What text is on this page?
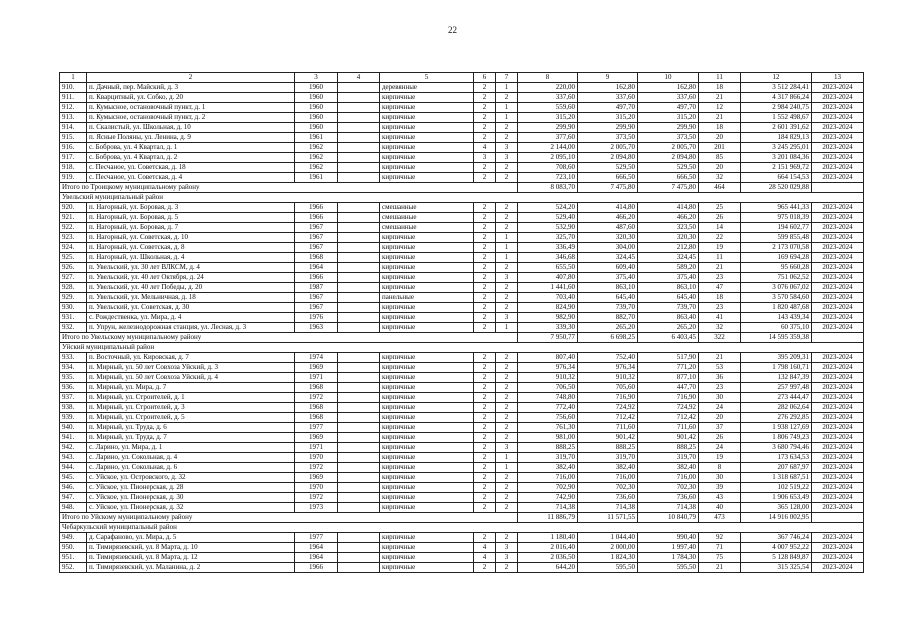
22
1	2	3	4	5	6	7	8	9	10	11	12	13
910.	п. Дачный, пер. Майский, д. 3	1960		деревянные	2	1	220,00	162,80	162,80	18	3 512 284,41	2023-2024
911.	п. Кварцитный, ул. Собко, д. 20	1960		кирпичные	2	2	337,60	337,60	337,60	21	4 317 866,24	2023-2024
912.	п. Кумысное, остановочный пункт, д. 1	1960		кирпичные	2	1	559,60	497,70	497,70	12	2 984 240,75	2023-2024
913.	п. Кумысное, остановочный пункт, д. 2	1960		кирпичные	2	1	315,20	315,20	315,20	21	1 552 498,67	2023-2024
914.	п. Скалистый, ул. Школьная, д. 10	1960		кирпичные	2	2	299,90	299,90	299,90	18	2 601 391,62	2023-2024
915.	п. Ясные Поляны, ул. Ленина, д. 9	1961		кирпичные	2	2	377,60	373,50	373,50	20	184 829,13	2023-2024
916.	с. Боброва, ул. 4 Квартал, д. 1	1962		кирпичные	4	3	2 144,00	2 005,70	2 005,70	201	3 245 295,01	2023-2024
917.	с. Боброва, ул. 4 Квартал, д. 2	1962		кирпичные	3	3	2 095,10	2 094,80	2 094,80	85	3 201 084,36	2023-2024
918.	с. Песчаное, ул. Советская, д. 18	1962		кирпичные	2	2	708,60	529,50	529,50	20	2 151 969,72	2023-2024
919.	с. Песчаное, ул. Советская, д. 4	1961		кирпичные	2	2	723,10	666,50	666,50	32	664 154,53	2023-2024
Итого по Троицкому муниципальному району							8 083,70	7 475,80	7 475,80	464	28 520 029,88	
Увельский муниципальный район												
920.	п. Нагорный, ул. Боровая, д. 3	1966		смешанные	2	2	524,20	414,80	414,80	25	965 441,33	2023-2024
921.	п. Нагорный, ул. Боровая, д. 5	1966		смешанные	2	2	529,40	466,20	466,20	26	975 018,39	2023-2024
922.	п. Нагорный, ул. Боровая, д. 7	1967		смешанные	2	2	532,90	487,60	323,50	14	194 602,77	2023-2024
923.	п. Нагорный, ул. Советская, д. 10	1967		кирпичные	2	1	325,70	320,30	320,30	22	599 855,48	2023-2024
924.	п. Нагорный, ул. Советская, д. 8	1967		кирпичные	2	1	336,49	304,00	212,80	19	2 173 070,58	2023-2024
925.	п. Нагорный, ул. Школьная, д. 4	1968		кирпичные	2	1	346,68	324,45	324,45	11	169 694,28	2023-2024
926.	п. Увельский, ул. 30 лет ВЛКСМ, д. 4	1964		кирпичные	2	2	655,50	609,40	589,20	21	95 660,28	2023-2024
927.	п. Увельский, ул. 40 лет Октября, д. 24	1966		кирпичные	2	3	407,80	375,40	375,40	23	751 062,52	2023-2024
928.	п. Увельский, ул. 40 лет Победы, д. 20	1987		кирпичные	2	2	1 441,60	863,10	863,10	47	3 076 067,02	2023-2024
929.	п. Увельский, ул. Мельничная, д. 18	1967		панельные	2	2	703,40	645,40	645,40	18	3 570 584,60	2023-2024
930.	п. Увельский, ул. Советская, д. 30	1967		кирпичные	2	2	824,90	739,70	739,70	23	1 820 487,68	2023-2024
931.	с. Рождественка, ул. Мира, д. 4	1976		кирпичные	2	3	982,90	882,70	863,40	41	143 439,34	2023-2024
932.	п. Упрун, железнодорожная станция, ул. Лесная, д. 3	1963		кирпичные	2	1	339,30	265,20	265,20	32	60 375,10	2023-2024
Итого по Увельскому муниципальному району							7 950,77	6 698,25	6 403,45	322	14 595 359,38	
Уйский муниципальный район												
933.	п. Восточный, ул. Кировская, д. 7	1974		кирпичные	2	2	807,40	752,40	517,90	21	395 209,31	2023-2024
934.	п. Мирный, ул. 50 лет Совхоза Уйский, д. 3	1969		кирпичные	2	2	976,34	976,34	771,20	53	1 798 160,71	2023-2024
935.	п. Мирный, ул. 50 лет Совхоза Уйский, д. 4	1971		кирпичные	2	2	910,32	910,32	877,10	36	132 847,39	2023-2024
936.	п. Мирный, ул. Мира, д. 7	1968		кирпичные	2	2	706,50	705,60	447,70	23	257 997,48	2023-2024
937.	п. Мирный, ул. Строителей, д. 1	1972		кирпичные	2	2	748,80	716,90	716,90	30	273 444,47	2023-2024
938.	п. Мирный, ул. Строителей, д. 3	1968		кирпичные	2	2	772,40	724,92	724,92	24	282 062,64	2023-2024
939.	п. Мирный, ул. Строителей, д. 5	1968		кирпичные	2	2	756,60	712,42	712,42	20	276 292,85	2023-2024
940.	п. Мирный, ул. Труда, д. 6	1977		кирпичные	2	2	761,30	711,60	711,60	37	1 938 127,69	2023-2024
941.	п. Мирный, ул. Труда, д. 7	1969		кирпичные	2	2	981,00	901,42	901,42	26	1 806 749,23	2023-2024
942.	с. Ларино, ул. Мира, д. 1	1971		кирпичные	2	3	888,25	888,25	888,25	24	3 680 794,46	2023-2024
943.	с. Ларино, ул. Сокольная, д. 4	1970		кирпичные	2	1	319,70	319,70	319,70	19	173 634,53	2023-2024
944.	с. Ларино, ул. Сокольная, д. 6	1972		кирпичные	2	1	382,40	382,40	382,40	8	207 687,97	2023-2024
945.	с. Уйское, ул. Островского, д. 32	1969		кирпичные	2	2	716,00	716,00	716,00	30	1 318 687,51	2023-2024
946.	с. Уйское, ул. Пионерская, д. 28	1970		кирпичные	2	2	702,90	702,30	702,30	39	102 519,22	2023-2024
947.	с. Уйское, ул. Пионерская, д. 30	1972		кирпичные	2	2	742,90	736,60	736,60	43	1 906 653,49	2023-2024
948.	с. Уйское, ул. Пионерская, д. 32	1973		кирпичные	2	2	714,38	714,38	714,38	40	365 128,00	2023-2024
Итого по Уйскому муниципальному району							11 886,79	11 571,55	10 840,79	473	14 916 002,95	
Чебаркульский муниципальный район												
949.	д. Сарафаново, ул. Мира, д. 5	1977		кирпичные	2	2	1 180,40	1 044,40	990,40	92	367 746,24	2023-2024
950.	п. Тимирязевский, ул. 8 Марта, д. 10	1964		кирпичные	4	3	2 016,40	2 000,00	1 997,40	71	4 007 952,22	2023-2024
951.	п. Тимирязевский, ул. 8 Марта, д. 12	1964		кирпичные	4	3	2 036,50	1 824,30	1 784,30	75	5 128 849,87	2023-2024
952.	п. Тимирязевский, ул. Маланина, д. 2	1966		кирпичные	2	2	644,20	595,50	595,50	21	315 325,54	2023-2024
